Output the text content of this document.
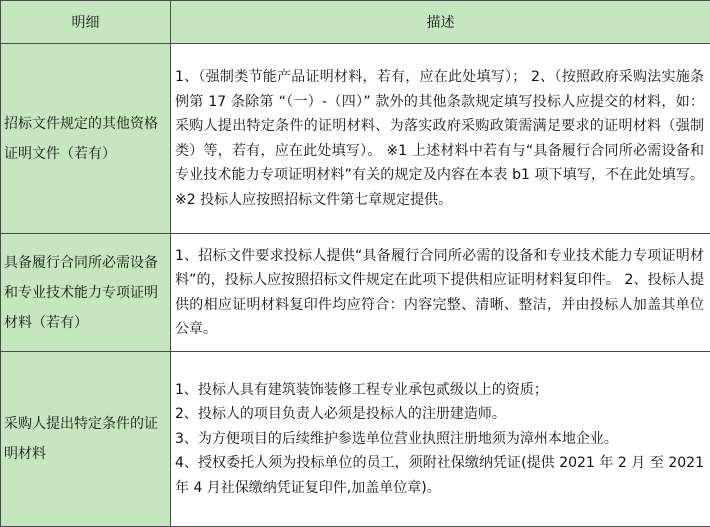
明细	描述
招标文件规定的其他资格证明文件（若有）	1、（强制类节能产品证明材料，若有，应在此处填写）； 2、（按照政府采购法实施条例第 17 条除第 “（一）-（四）” 款外的其他条款规定填写投标人应提交的材料，如：采购人提出特定条件的证明材料、为落实政府采购政策需满足要求的证明材料（强制类）等，若有，应在此处填写）。 ※1 上述材料中若有与“具备履行合同所必需设备和专业技术能力专项证明材料”有关的规定及内容在本表 b1 项下填写，不在此处填写。 ※2 投标人应按照招标文件第七章规定提供。
具备履行合同所必需设备和专业技术能力专项证明材料（若有）	1、招标文件要求投标人提供“具备履行合同所必需的设备和专业技术能力专项证明材料”的，投标人应按照招标文件规定在此项下提供相应证明材料复印件。 2、投标人提供的相应证明材料复印件均应符合：内容完整、清晰、整洁，并由投标人加盖其单位公章。
采购人提出特定条件的证明材料	1、投标人具有建筑装饰装修工程专业承包贰级以上的资质；
2、投标人的项目负责人必须是投标人的注册建造师。
3、为方便项目的后续维护参选单位营业执照注册地须为漳州本地企业。
4、授权委托人须为投标单位的员工，须附社保缴纳凭证(提供 2021 年 2 月 至 2021 年 4 月社保缴纳凭证复印件,加盖单位章)。
